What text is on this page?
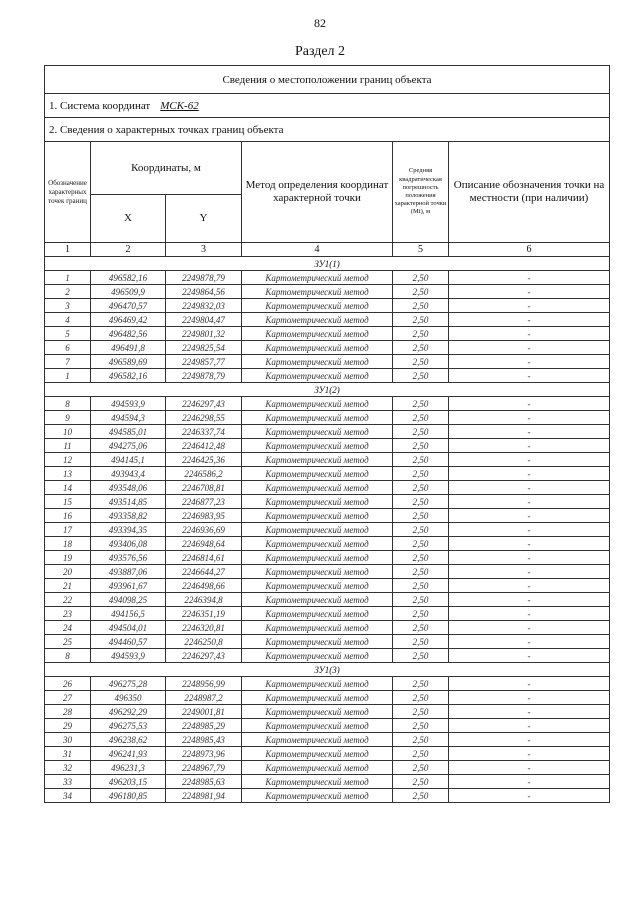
82
Раздел 2
Сведения о местоположении границ объекта					
1. Система координат МСК-62					
2. Сведения о характерных точках границ объекта					
Обозначение характерных точек границ	Координаты, м		Метод определения координат характерной точки	Средняя квадратическая погрешность положения характерной точки (Mt), м	Описание обозначения точки на местности (при наличии)
	X	Y			
1	2	3	4	5	6
ЗУ1(1)					
1	496582,16	2249878,79	Картометрический метод	2,50	-
2	496509,9	2249864,56	Картометрический метод	2,50	-
3	496470,57	2249832,03	Картометрический метод	2,50	-
4	496469,42	2249804,47	Картометрический метод	2,50	-
5	496482,56	2249801,32	Картометрический метод	2,50	-
6	496491,8	2249825,54	Картометрический метод	2,50	-
7	496589,69	2249857,77	Картометрический метод	2,50	-
1	496582,16	2249878,79	Картометрический метод	2,50	-
ЗУ1(2)					
8	494593,9	2246297,43	Картометрический метод	2,50	-
9	494594,3	2246298,55	Картометрический метод	2,50	-
10	494585,01	2246337,74	Картометрический метод	2,50	-
11	494275,06	2246412,48	Картометрический метод	2,50	-
12	494145,1	2246425,36	Картометрический метод	2,50	-
13	493943,4	2246586,2	Картометрический метод	2,50	-
14	493548,06	2246708,81	Картометрический метод	2,50	-
15	493514,85	2246877,23	Картометрический метод	2,50	-
16	493358,82	2246983,95	Картометрический метод	2,50	-
17	493394,35	2246936,69	Картометрический метод	2,50	-
18	493406,08	2246948,64	Картометрический метод	2,50	-
19	493576,56	2246814,61	Картометрический метод	2,50	-
20	493887,06	2246644,27	Картометрический метод	2,50	-
21	493961,67	2246498,66	Картометрический метод	2,50	-
22	494098,25	2246394,8	Картометрический метод	2,50	-
23	494156,5	2246351,19	Картометрический метод	2,50	-
24	494504,01	2246320,81	Картометрический метод	2,50	-
25	494460,57	2246250,8	Картометрический метод	2,50	-
8	494593,9	2246297,43	Картометрический метод	2,50	-
ЗУ1(3)					
26	496275,28	2248956,99	Картометрический метод	2,50	-
27	496350	2248987,2	Картометрический метод	2,50	-
28	496292,29	2249001,81	Картометрический метод	2,50	-
29	496275,53	2248985,29	Картометрический метод	2,50	-
30	496238,62	2248985,43	Картометрический метод	2,50	-
31	496241,93	2248973,96	Картометрический метод	2,50	-
32	496231,3	2248967,79	Картометрический метод	2,50	-
33	496203,15	2248985,63	Картометрический метод	2,50	-
34	496180,85	2248981,94	Картометрический метод	2,50	-
